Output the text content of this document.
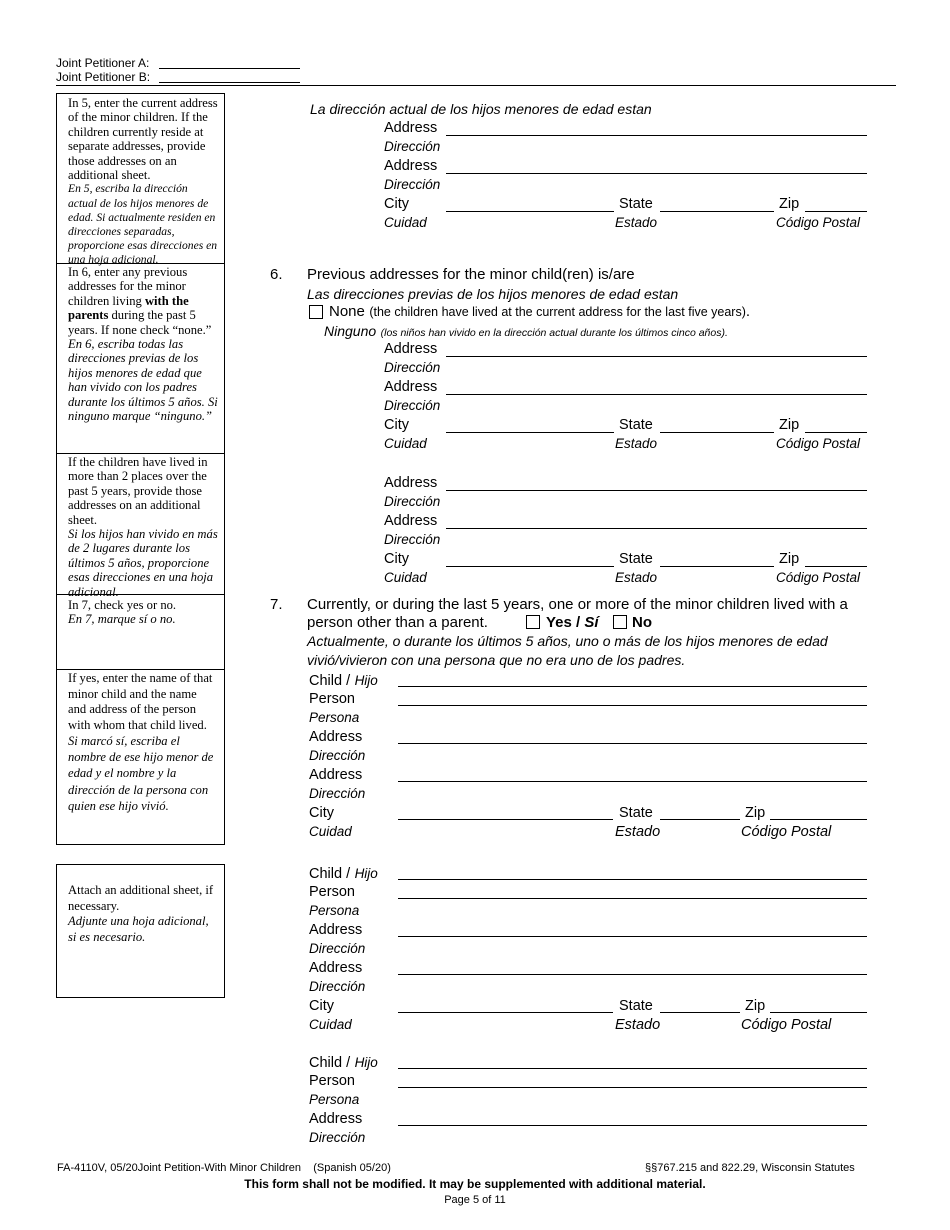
Joint Petitioner A:
Joint Petitioner B:

In 5, enter the current address of the minor children. If the children currently reside at separate addresses, provide those addresses on an additional sheet.

En 5, escriba la dirección actual de los hijos menores de edad. Si actualmente residen en direcciones separadas, proporcione esas direcciones en una hoja adicional.

In 6, enter any previous addresses for the minor children living with the parents during the past 5 years. If none check “none.”

En 6, escriba todas las direcciones previas de los hijos menores de edad que han vivido con los padres durante los últimos 5 años. Si ninguno marque “ninguno.”

If the children have lived in more than 2 places over the past 5 years, provide those addresses on an additional sheet.

Si los hijos han vivido en más de 2 lugares durante los últimos 5 años, proporcione esas direcciones en una hoja adicional.

In 7, check yes or no.

En 7, marque sí o no.

If yes, enter the name of that minor child and the name and address of the person with whom that child lived.

Si marcó sí, escriba el nombre de ese hijo menor de edad y el nombre y la dirección de la persona con quien ese hijo vivió.

Attach an additional sheet, if necessary.

Adjunte una hoja adicional, si es necesario.

La dirección actual de los hijos menores de edad estan
Address
Dirección
Address
Dirección
City	State	Zip
Cuidad	Estado	Código Postal
6. Previous addresses for the minor child(ren) is/are
Las direcciones previas de los hijos menores de edad estan
None (the children have lived at the current address for the last five years).
Ninguno (los niños han vivido en la dirección actual durante los últimos cinco años).
Address
Dirección
Address
Dirección
City	State	Zip
Cuidad	Estado	Código Postal
Address
Dirección
Address
Dirección
City	State	Zip
Cuidad	Estado	Código Postal
7. Currently, or during the last 5 years, one or more of the minor children lived with a
person other than a parent.	Yes / Sí No
Actualmente, o durante los últimos 5 años, uno o más de los hijos menores de edad
vivió/vivieron con una persona que no era uno de los padres.
Child / Hijo
Person
Persona
Address
Dirección
Address
Dirección
City	State	Zip
Cuidad	Estado	Código Postal
Child / Hijo
Person
Persona
Address
Dirección
Address
Dirección
City	State	Zip
Cuidad	Estado	Código Postal
Child / Hijo
Person
Persona
Address
Dirección
FA-4110V, 05/20Joint Petition-With Minor Children (Spanish 05/20)	§§767.215 and 822.29, Wisconsin Statutes
This form shall not be modified. It may be supplemented with additional material.
Page 5 of 11
